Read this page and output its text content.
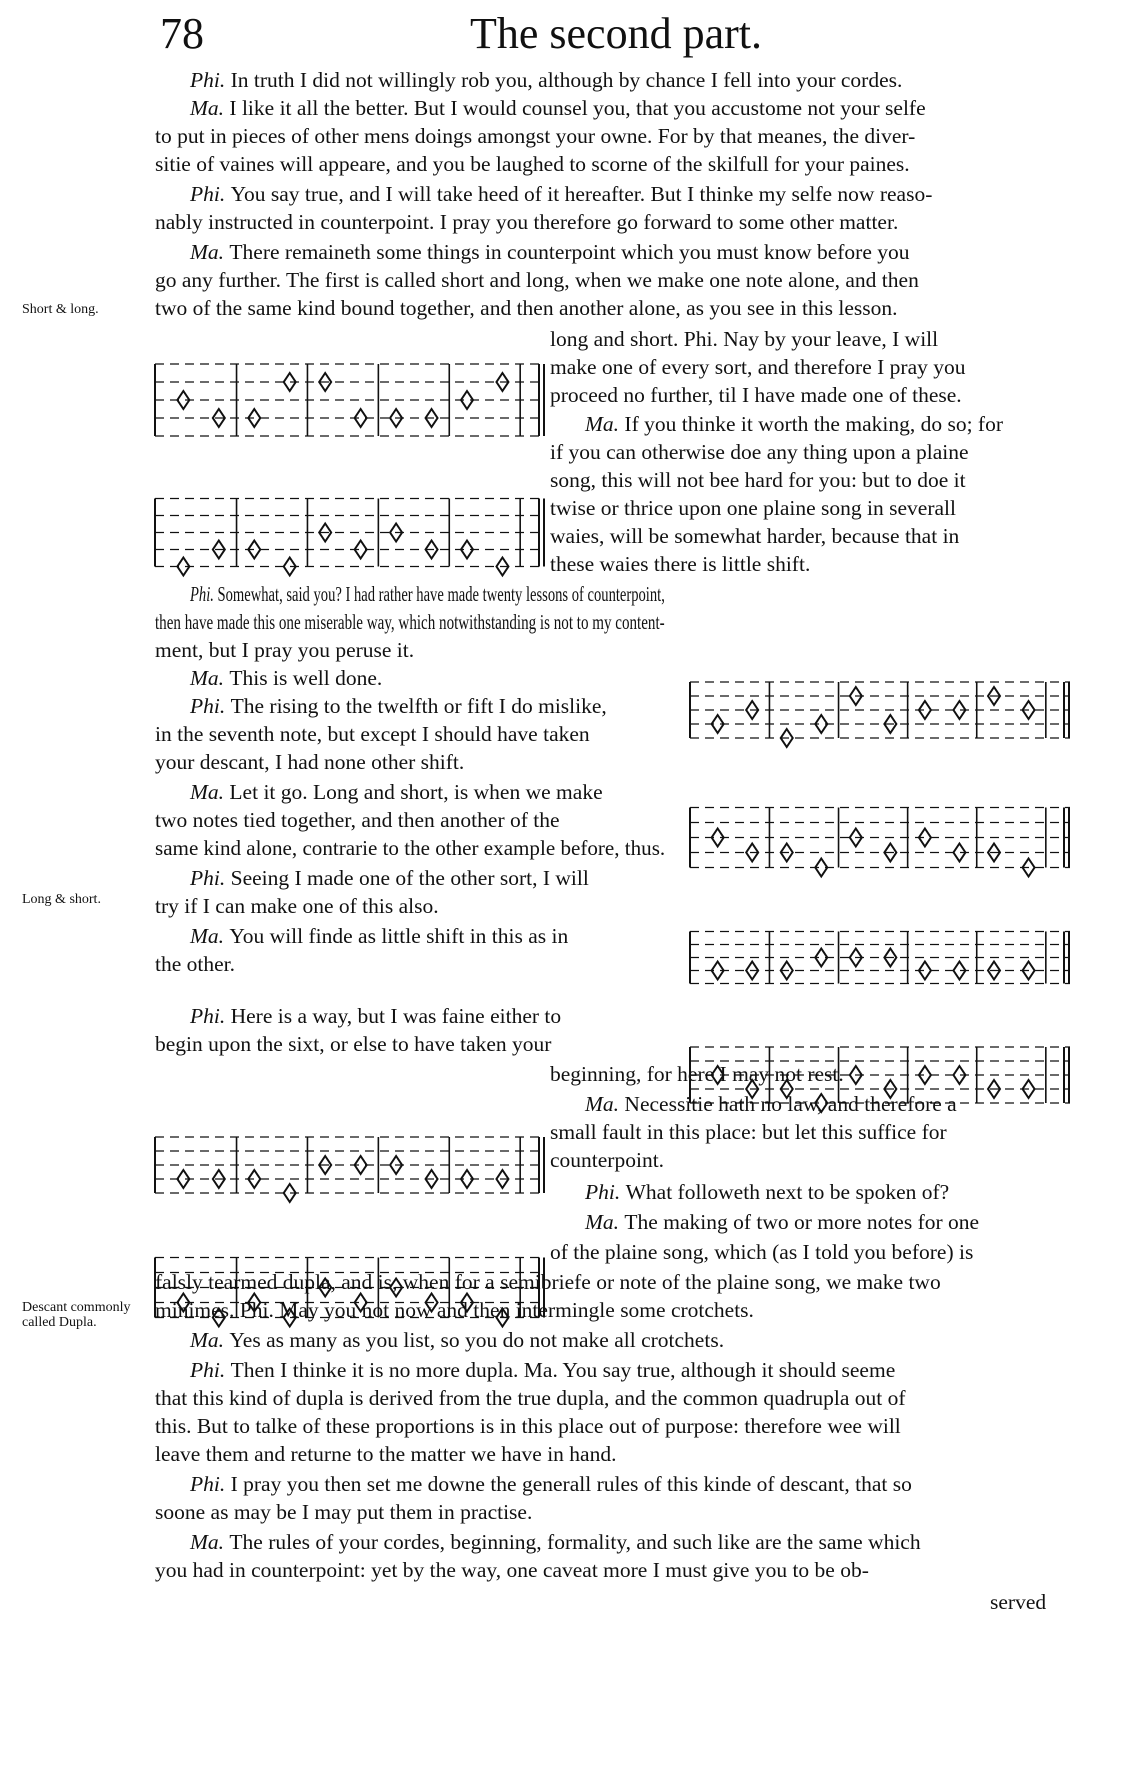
78	The second part.
Short & long.
Long & short.
Descant commonly called Dupla.
Phi. In truth I did not willingly rob you, although by chance I fell into your cordes.
Ma. I like it all the better. But I would counsel you, that you accustome not your selfe
to put in pieces of other mens doings amongst your owne. For by that meanes, the diver-
sitie of vaines will appeare, and you be laughed to scorne of the skilfull for your paines.
Phi. You say true, and I will take heed of it hereafter. But I thinke my selfe now reaso-
nably instructed in counterpoint. I pray you therefore go forward to some other matter.
Ma. There remaineth some things in counterpoint which you must know before you
go any further. The first is called short and long, when we make one note alone, and then
two of the same kind bound together, and then another alone, as you see in this lesson.
long and short. Phi. Nay by your leave, I will
make one of every sort, and therefore I pray you
proceed no further, til I have made one of these.
Ma. If you thinke it worth the making, do so; for
if you can otherwise doe any thing upon a plaine
song, this will not bee hard for you: but to doe it
twise or thrice upon one plaine song in severall
waies, will be somewhat harder, because that in
these waies there is little shift.
Phi. Somewhat, said you? I had rather have made twenty lessons of counterpoint,
then have made this one miserable way, which notwithstanding is not to my content-
ment, but I pray you peruse it.
Ma. This is well done.
Phi. The rising to the twelfth or fift I do mislike,
in the seventh note, but except I should have taken
your descant, I had none other shift.
Ma. Let it go. Long and short, is when we make
two notes tied together, and then another of the
same kind alone, contrarie to the other example before, thus.
Phi. Seeing I made one of the other sort, I will
try if I can make one of this also.
Ma. You will finde as little shift in this as in
the other.
Phi. Here is a way, but I was faine either to
begin upon the sixt, or else to have taken your
beginning, for here I may not rest.
Ma. Necessitie hath no law, and therefore a
small fault in this place: but let this suffice for
counterpoint.
Phi. What followeth next to be spoken of?
Ma. The making of two or more notes for one
of the plaine song, which (as I told you before) is
falsly tearmed dupla, and is, when for a semibriefe or note of the plaine song, we make two
minimes. Phi. May you not now and then intermingle some crotchets.
Ma. Yes as many as you list, so you do not make all crotchets.
Phi. Then I thinke it is no more dupla. Ma. You say true, although it should seeme
that this kind of dupla is derived from the true dupla, and the common quadrupla out of
this. But to talke of these proportions is in this place out of purpose: therefore wee will
leave them and returne to the matter we have in hand.
Phi. I pray you then set me downe the generall rules of this kinde of descant, that so
soone as may be I may put them in practise.
Ma. The rules of your cordes, beginning, formality, and such like are the same which
you had in counterpoint: yet by the way, one caveat more I must give you to be ob-
served
